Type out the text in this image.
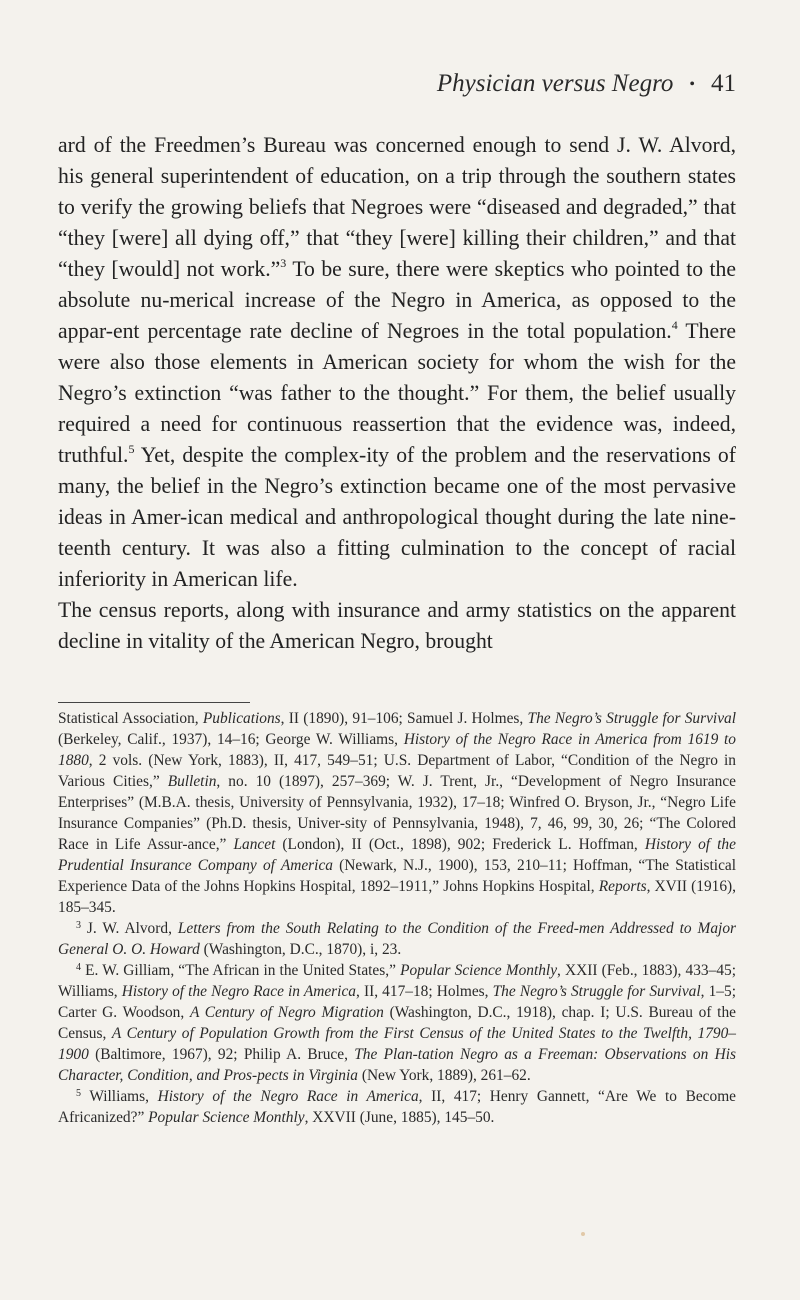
Physician versus Negro • 41

ard of the Freedmen’s Bureau was concerned enough to send J. W. Alvord, his general superintendent of education, on a trip through the southern states to verify the growing beliefs that Negroes were “diseased and degraded,” that “they [were] all dying off,” that “they [were] killing their children,” and that “they [would] not work.”$^3$ To be sure, there were skeptics who pointed to the absolute nu-merical increase of the Negro in America, as opposed to the appar-ent percentage rate decline of Negroes in the total population.$^4$ There were also those elements in American society for whom the wish for the Negro’s extinction “was father to the thought.” For them, the belief usually required a need for continuous reassertion that the evidence was, indeed, truthful.$^5$ Yet, despite the complex-ity of the problem and the reservations of many, the belief in the Negro’s extinction became one of the most pervasive ideas in Amer-ican medical and anthropological thought during the late nine-teenth century. It was also a fitting culmination to the concept of racial inferiority in American life.

The census reports, along with insurance and army statistics on the apparent decline in vitality of the American Negro, brought

Statistical Association, Publications, II (1890), 91–106; Samuel J. Holmes, The Negro’s Struggle for Survival (Berkeley, Calif., 1937), 14–16; George W. Williams, History of the Negro Race in America from 1619 to 1880, 2 vols. (New York, 1883), II, 417, 549–51; U.S. Department of Labor, “Condition of the Negro in Various Cities,” Bulletin, no. 10 (1897), 257–369; W. J. Trent, Jr., “Development of Negro Insurance Enterprises” (M.B.A. thesis, University of Pennsylvania, 1932), 17–18; Winfred O. Bryson, Jr., “Negro Life Insurance Companies” (Ph.D. thesis, Univer-sity of Pennsylvania, 1948), 7, 46, 99, 30, 26; “The Colored Race in Life Assur-ance,” Lancet (London), II (Oct., 1898), 902; Frederick L. Hoffman, History of the Prudential Insurance Company of America (Newark, N.J., 1900), 153, 210–11; Hoffman, “The Statistical Experience Data of the Johns Hopkins Hospital, 1892–1911,” Johns Hopkins Hospital, Reports, XVII (1916), 185–345.

$^3$ J. W. Alvord, Letters from the South Relating to the Condition of the Freed-men Addressed to Major General O. O. Howard (Washington, D.C., 1870), i, 23.

$^4$ E. W. Gilliam, “The African in the United States,” Popular Science Monthly, XXII (Feb., 1883), 433–45; Williams, History of the Negro Race in America, II, 417–18; Holmes, The Negro’s Struggle for Survival, 1–5; Carter G. Woodson, A Century of Negro Migration (Washington, D.C., 1918), chap. I; U.S. Bureau of the Census, A Century of Population Growth from the First Census of the United States to the Twelfth, 1790–1900 (Baltimore, 1967), 92; Philip A. Bruce, The Plan-tation Negro as a Freeman: Observations on His Character, Condition, and Pros-pects in Virginia (New York, 1889), 261–62.

$^5$ Williams, History of the Negro Race in America, II, 417; Henry Gannett, “Are We to Become Africanized?” Popular Science Monthly, XXVII (June, 1885), 145–50.
